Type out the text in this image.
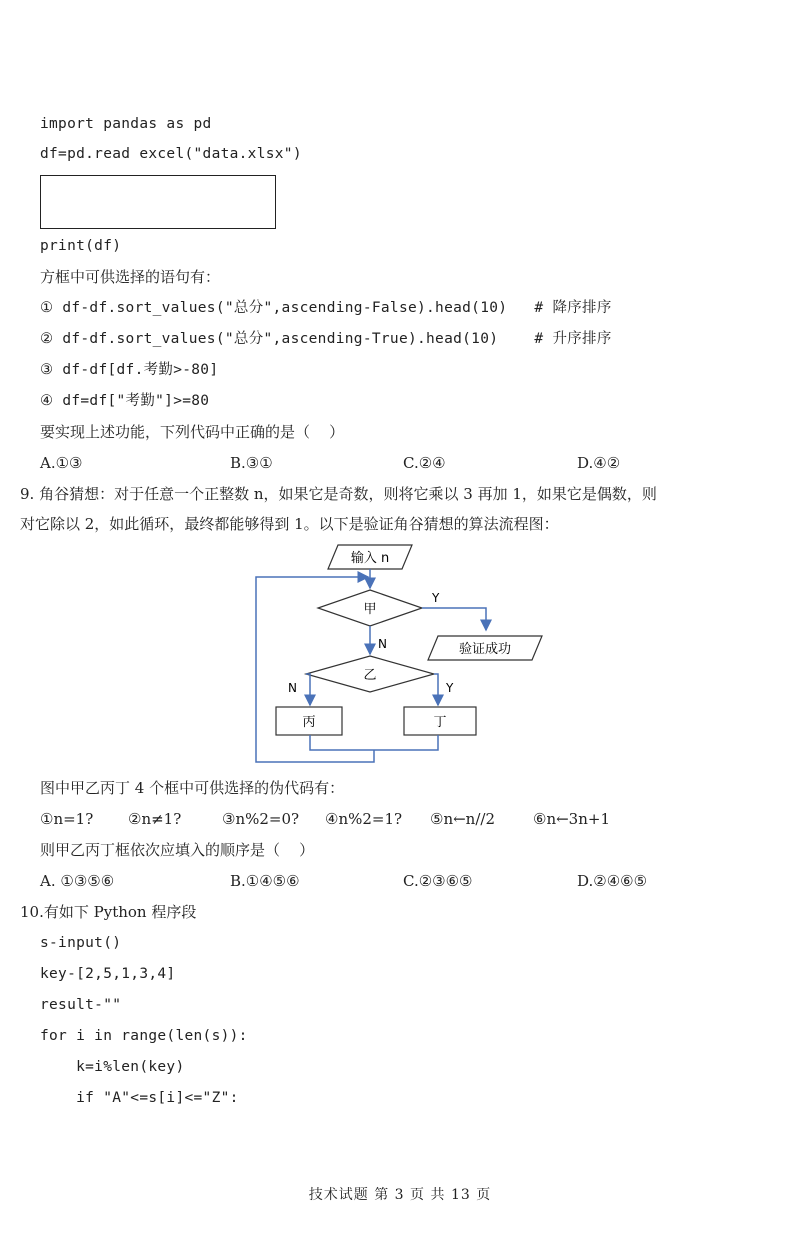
import pandas as pd
df=pd.read excel("data.xlsx")
print(df)
方框中可供选择的语句有：
① df-df.sort_values("总分",ascending-False).head(10)   # 降序排序
② df-df.sort_values("总分",ascending-True).head(10)    # 升序排序
③ df-df[df.考勤>-80]
④ df=df["考勤"]>=80
要实现上述功能，下列代码中正确的是（    ）
A.①③	B.③①	C.②④	D.④②
9. 角谷猜想：对于任意一个正整数 n，如果它是奇数，则将它乘以 3 再加 1，如果它是偶数，则
对它除以 2，如此循环，最终都能够得到 1。以下是验证角谷猜想的算法流程图：
输入 n
甲
Y
验证成功
N
乙
N	Y
丙	丁
图中甲乙丙丁 4 个框中可供选择的伪代码有：
①n=1? ②n≠1?	③n%2=0? ④n%2=1? ⑤n←n//2	⑥n←3n+1
则甲乙丙丁框依次应填入的顺序是（    ）
A. ①③⑤⑥	B.①④⑤⑥	C.②③⑥⑤	D.②④⑥⑤
10.有如下 Python 程序段
s-input()
key-[2,5,1,3,4]
result-""
for i in range(len(s)):
k=i%len(key)
if "A"<=s[i]<="Z":
技术试题 第 3 页 共 13 页
